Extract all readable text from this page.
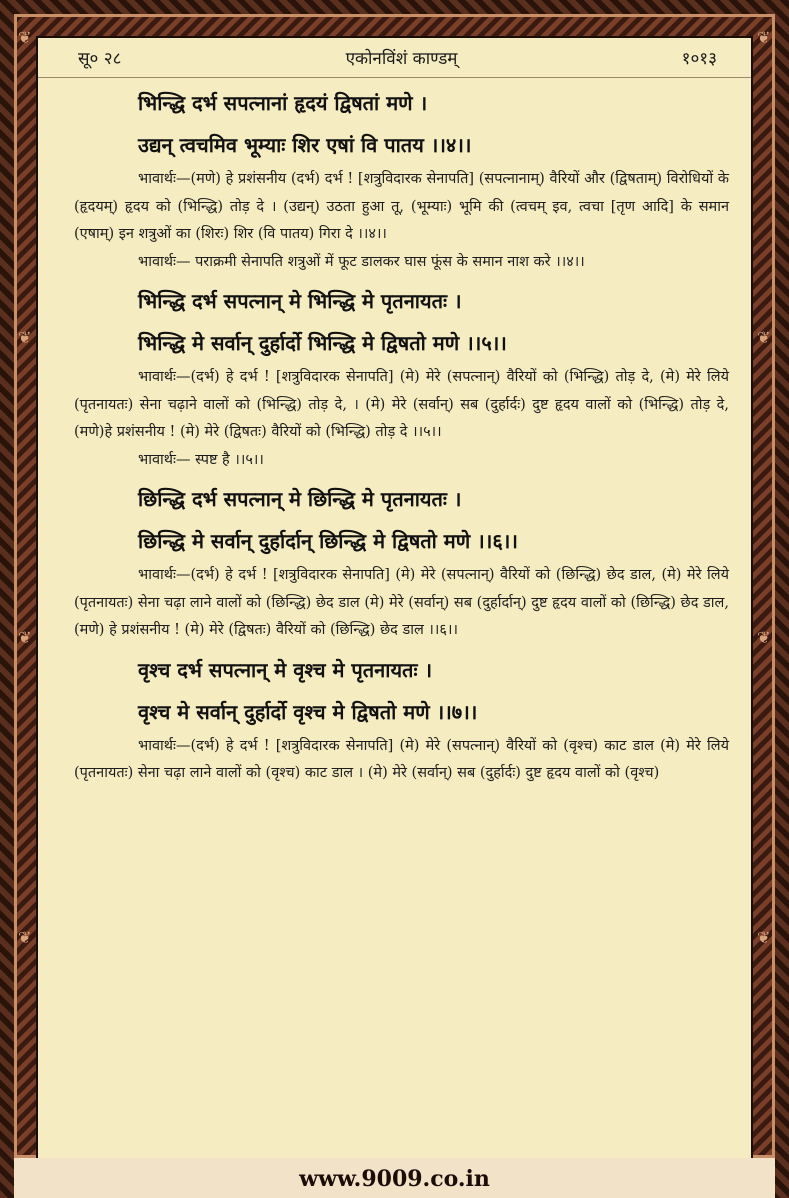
❦
❦
❦
❦
❦
❦
❦
❦
सू० २८	एकोनविंशं काण्डम्	१०१३
भिन्द्धि दर्भ सपत्नानां हृदयं द्विषतां मणे ।
उद्यन् त्वचमिव भूम्याः शिर एषां वि पातय ।।४।।

भावार्थः—(मणे) हे प्रशंसनीय (दर्भ) दर्भ ! [शत्रुविदारक सेनापति] (सपत्नानाम्) वैरियों और (द्विषताम्) विरोधियों के (हृदयम्) हृदय को (भिन्द्धि) तोड़ दे । (उद्यन्) उठता हुआ तू, (भूम्याः) भूमि की (त्वचम् इव, त्वचा [तृण आदि] के समान (एषाम्) इन शत्रुओं का (शिरः) शिर (वि पातय) गिरा दे ।।४।।

भावार्थः— पराक्रमी सेनापति शत्रुओं में फूट डालकर घास फूंस के समान नाश करे ।।४।।

भिन्द्धि दर्भ सपत्नान् मे भिन्द्धि मे पृतनायतः ।
भिन्द्धि मे सर्वान् दुर्हार्दो भिन्द्धि मे द्विषतो मणे ।।५।।

भावार्थः—(दर्भ) हे दर्भ ! [शत्रुविदारक सेनापति] (मे) मेरे (सपत्नान्) वैरियों को (भिन्द्धि) तोड़ दे, (मे) मेरे लिये (पृतनायतः) सेना चढ़ाने वालों को (भिन्द्धि) तोड़ दे, । (मे) मेरे (सर्वान्) सब (दुर्हार्दः) दुष्ट हृदय वालों को (भिन्द्धि) तोड़ दे,(मणे)हे प्रशंसनीय ! (मे) मेरे (द्विषतः) वैरियों को (भिन्द्धि) तोड़ दे ।।५।।

भावार्थः— स्पष्ट है ।।५।।

छिन्द्धि दर्भ सपत्नान् मे छिन्द्धि मे पृतनायतः ।
छिन्द्धि मे सर्वान् दुर्हार्दान् छिन्द्धि मे द्विषतो मणे ।।६।।

भावार्थः—(दर्भ) हे दर्भ ! [शत्रुविदारक सेनापति] (मे) मेरे (सपत्नान्) वैरियों को (छिन्द्धि) छेद डाल, (मे) मेरे लिये (पृतनायतः) सेना चढ़ा लाने वालों को (छिन्द्धि) छेद डाल (मे) मेरे (सर्वान्) सब (दुर्हार्दान्) दुष्ट हृदय वालों को (छिन्द्धि) छेद डाल, (मणे) हे प्रशंसनीय ! (मे) मेरे (द्विषतः) वैरियों को (छिन्द्धि) छेद डाल ।।६।।

वृश्च दर्भ सपत्नान् मे वृश्च मे पृतनायतः ।
वृश्च मे सर्वान् दुर्हार्दो वृश्च मे द्विषतो मणे ।।७।।

भावार्थः—(दर्भ) हे दर्भ ! [शत्रुविदारक सेनापति] (मे) मेरे (सपत्नान्) वैरियों को (वृश्च) काट डाल (मे) मेरे लिये (पृतनायतः) सेना चढ़ा लाने वालों को (वृश्च) काट डाल । (मे) मेरे (सर्वान्) सब (दुर्हार्दः) दुष्ट हृदय वालों को (वृश्च)

www.9009.co.in
